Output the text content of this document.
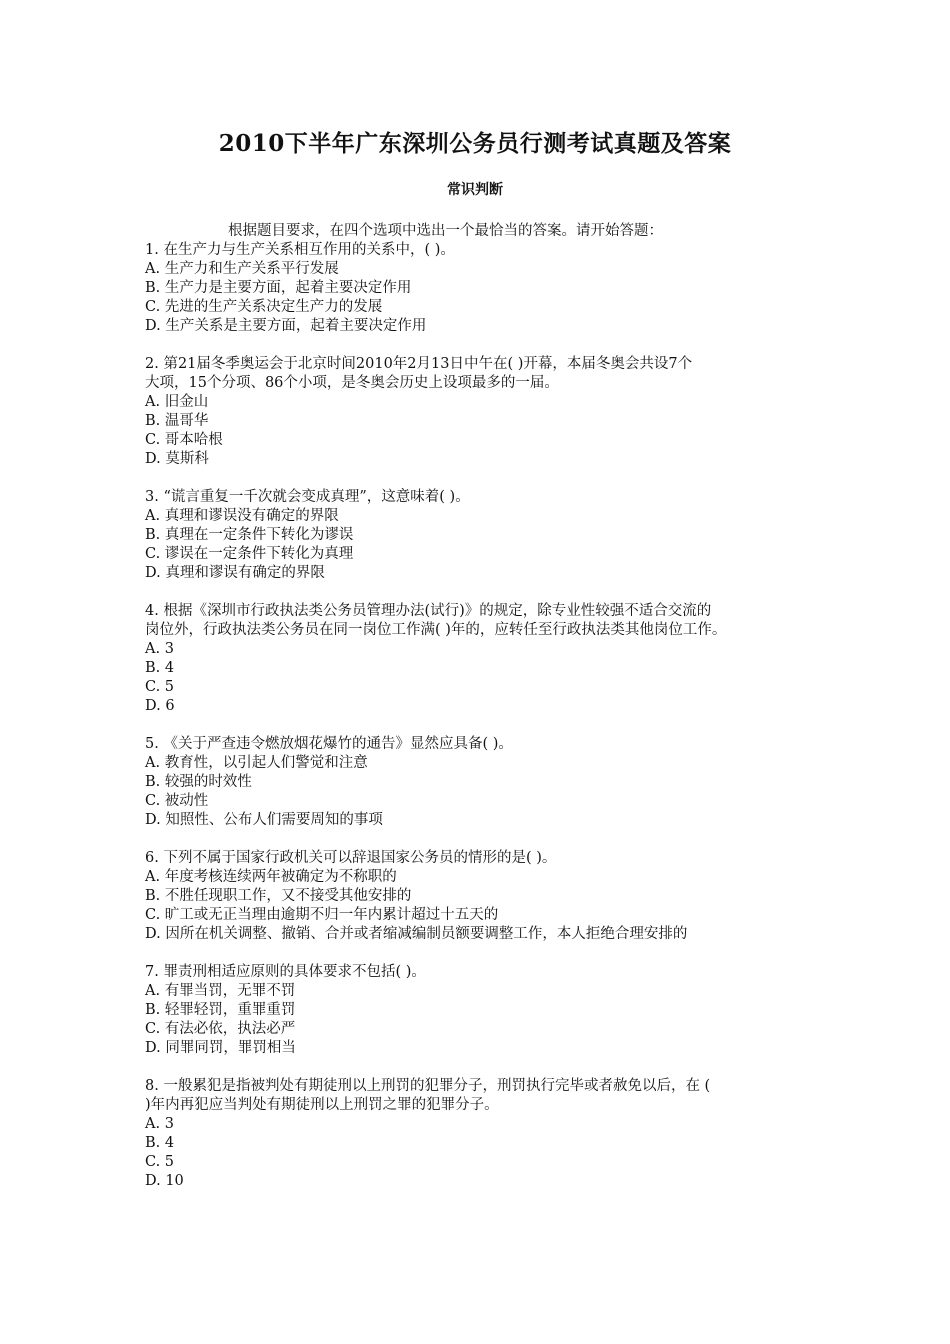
2010下半年广东深圳公务员行测考试真题及答案
常识判断
根据题目要求，在四个选项中选出一个最恰当的答案。请开始答题：
1. 在生产力与生产关系相互作用的关系中，( )。
A. 生产力和生产关系平行发展
B. 生产力是主要方面，起着主要决定作用
C. 先进的生产关系决定生产力的发展
D. 生产关系是主要方面，起着主要决定作用
2. 第21届冬季奥运会于北京时间2010年2月13日中午在( )开幕，本届冬奥会共设7个
大项，15个分项、86个小项，是冬奥会历史上设项最多的一届。
A. 旧金山
B. 温哥华
C. 哥本哈根
D. 莫斯科
3. “谎言重复一千次就会变成真理”，这意味着( )。
A. 真理和谬误没有确定的界限
B. 真理在一定条件下转化为谬误
C. 谬误在一定条件下转化为真理
D. 真理和谬误有确定的界限
4. 根据《深圳市行政执法类公务员管理办法(试行)》的规定，除专业性较强不适合交流的
岗位外，行政执法类公务员在同一岗位工作满( )年的，应转任至行政执法类其他岗位工作。
A. 3
B. 4
C. 5
D. 6
5. 《关于严查违令燃放烟花爆竹的通告》显然应具备( )。
A. 教育性，以引起人们警觉和注意
B. 较强的时效性
C. 被动性
D. 知照性、公布人们需要周知的事项
6. 下列不属于国家行政机关可以辞退国家公务员的情形的是( )。
A. 年度考核连续两年被确定为不称职的
B. 不胜任现职工作，又不接受其他安排的
C. 旷工或无正当理由逾期不归一年内累计超过十五天的
D. 因所在机关调整、撤销、合并或者缩减编制员额要调整工作，本人拒绝合理安排的
7. 罪责刑相适应原则的具体要求不包括( )。
A. 有罪当罚，无罪不罚
B. 轻罪轻罚，重罪重罚
C. 有法必依，执法必严
D. 同罪同罚，罪罚相当
8. 一般累犯是指被判处有期徒刑以上刑罚的犯罪分子，刑罚执行完毕或者赦免以后，在 (
)年内再犯应当判处有期徒刑以上刑罚之罪的犯罪分子。
A. 3
B. 4
C. 5
D. 10
